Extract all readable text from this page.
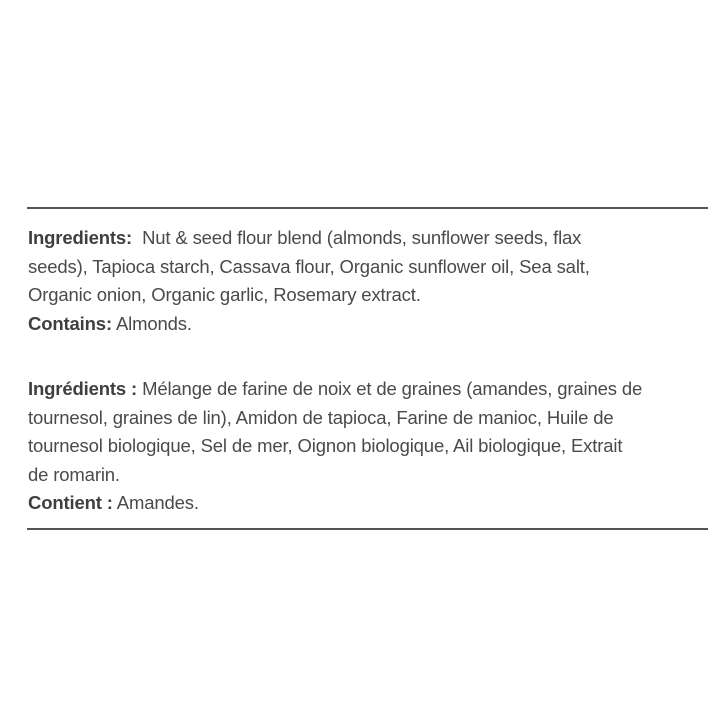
Ingredients: Nut & seed flour blend (almonds, sunflower seeds, flax
seeds), Tapioca starch, Cassava flour, Organic sunflower oil, Sea salt,
Organic onion, Organic garlic, Rosemary extract.
Contains: Almonds.
Ingrédients : Mélange de farine de noix et de graines (amandes, graines de
tournesol, graines de lin), Amidon de tapioca, Farine de manioc, Huile de
tournesol biologique, Sel de mer, Oignon biologique, Ail biologique, Extrait
de romarin.
Contient : Amandes.
